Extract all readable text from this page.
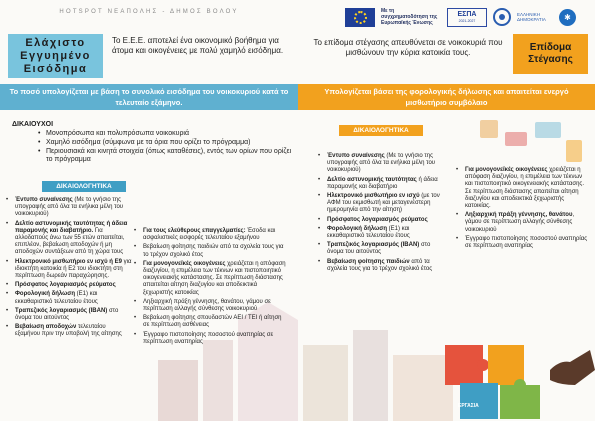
ΕΡΓΑΣΙΑ
HOTSPOT ΝΕΑΠΟΛΗΣ - ΔΗΜΟΣ ΒΟΛΟΥ	Με τη συγχρηματοδότηση της Ευρωπαϊκής Ένωσης
ΕΣΠΑ
2021-2027
ΕΛΛΗΝΙΚΗ ΔΗΜΟΚΡΑΤΙΑ	✱
Ελάχιστο
Εγγυημένο
Εισόδημα
Το Ε.Ε.Ε. αποτελεί ένα οικονομικό βοήθημα για άτομα και οικογένειες με πολύ χαμηλό εισόδημα.
Το ποσό υπολογίζεται με βάση το συνολικό εισόδημα του νοικοκυριού κατά το τελευταίο εξάμηνο.
ΔΙΚΑΙΟΥΧΟΙ
• Μονοπρόσωπα και πολυπρόσωπα νοικοκυριά
• Χαμηλό εισόδημα (σύμφωνα με τα όρια που ορίζει το πρόγραμμα)
• Περιουσιακά και κινητά στοιχεία (όπως καταθέσεις), εντός των ορίων που ορίζει το πρόγραμμα
ΔΙΚΑΙΟΛΟΓΗΤΙΚΑ
• Έντυπο συναίνεσης (Με το γνήσιο της υπογραφής από όλα τα ενήλικα μέλη του νοικοκυριού)
• Δελτίο αστυνομικής ταυτότητας ή άδεια παραμονής και διαβατήριο. Για αλλοδαπούς άνω των 55 ετών απαιτείται, επιπλέον, βεβαίωση αποδοχών ή μη αποδοχών συντάξεων από τη χώρα τους
• Ηλεκτρονικό μισθωτήριο εν ισχύ ή Ε9 για ιδιοκτήτη κατοικία ή Ε2 του ιδιοκτήτη στη περίπτωση δωρεάν παραχώρησης.
• Πρόσφατος λογαριασμός ρεύματος
• Φορολογική δήλωση (Ε1) και εκκαθαριστικό τελευταίου έτους
• Τραπεζικός λογαριασμός (IBAN) στο όνομα του αιτούντος
• Βεβαίωση αποδοχών τελευταίου εξαμήνου πριν την υποβολή της αίτησης
• Για τους ελεύθερους επαγγελματίες: Έσοδα και ασφαλιστικές εισφορές τελευταίου εξαμήνου
• Βεβαίωση φοίτησης παιδιών από τα σχολεία τους για το τρέχον σχολικό έτος
• Για μονογονεϊκές οικογένειες χρειάζεται η απόφαση διαζυγίου, η επιμέλεια των τέκνων και πιστοποιητικό οικογενειακής κατάστασης. Σε περίπτωση διάστασης απαιτείται αίτηση διαζυγίου και αποδεικτικά ξεχωριστής κατοικίας
• Ληξιαρχική πράξη γέννησης, θανάτου, γάμου σε περίπτωση αλλαγής σύνθεσης νοικοκυριού
• Βεβαίωση φοίτησης σπουδαστών ΑΕΙ / ΤΕΙ ή αίτηση σε περίπτωση ασθένειας
• Έγγραφο πιστοποίησης ποσοστού αναπηρίας σε περίπτωση αναπηρίας
Το επίδομα στέγασης απευθύνεται σε νοικοκυριά που μισθώνουν την κύρια κατοικία τους.	Επίδομα
Στέγασης
Υπολογίζεται βάσει της φορολογικής δήλωσης και απαιτείται ενεργό μισθωτήριο συμβόλαιο
ΔΙΚΑΙΟΛΟΓΗΤΙΚΑ
• Έντυπο συναίνεσης (Με το γνήσιο της υπογραφής από όλα τα ενήλικα μέλη του νοικοκυριού)
• Δελτίο αστυνομικής ταυτότητας ή άδεια παραμονής και διαβατήριο
• Ηλεκτρονικό μισθωτήριο εν ισχύ (με τον ΑΦΜ του εκμισθωτή και μεταγενέστερη ημερομηνία από την αίτηση)
• Πρόσφατος λογαριασμός ρεύματος
• Φορολογική δήλωση (Ε1) και εκκαθαριστικό τελευταίου έτους
• Τραπεζικός λογαριασμός (IBAN) στο όνομα του αιτούντος
• Βεβαίωση φοίτησης παιδιών από τα σχολεία τους για το τρέχον σχολικό έτος
• Για μονογονεϊκές οικογένειες χρειάζεται η απόφαση διαζυγίου, η επιμέλεια των τέκνων και πιστοποιητικό οικογενειακής κατάστασης. Σε περίπτωση διάστασης απαιτείται αίτηση διαζυγίου και αποδεικτικά ξεχωριστής κατοικίας.
• Ληξιαρχική πράξη γέννησης, θανάτου, γάμου σε περίπτωση αλλαγής σύνθεσης νοικοκυριού
• Έγγραφο πιστοποίησης ποσοστού αναπηρίας σε περίπτωση αναπηρίας
